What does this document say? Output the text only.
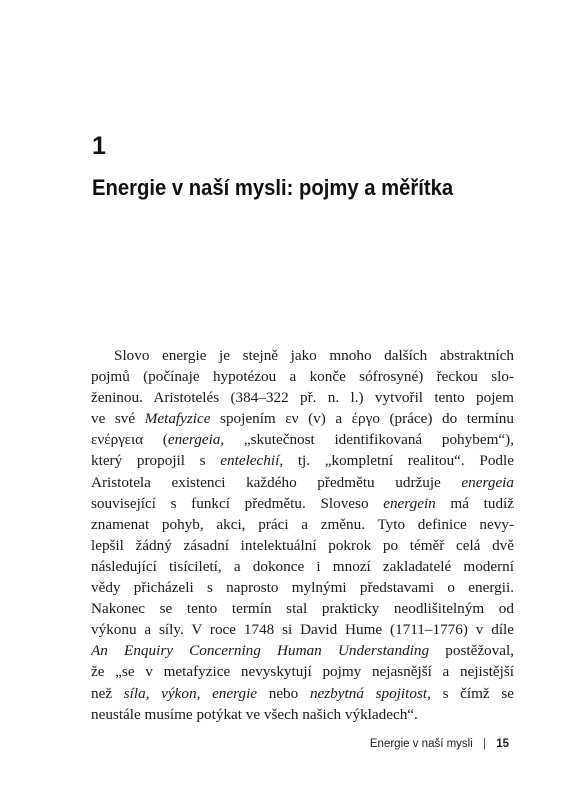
1
Energie v naší mysli: pojmy a měřítka
Slovo energie je stejně jako mnoho dalších abstraktních
pojmů (počínaje hypotézou a konče sófrosyné) řeckou slo-
ženinou. Aristotelés (384–322 př. n. l.) vytvořil tento pojem
ve své Metafyzice spojením εν (v) a έργο (práce) do termínu
ενέργεια (energeia, „skutečnost identifikovaná pohybem“),
který propojil s entelechií, tj. „kompletní realitou“. Podle
Aristotela existenci každého předmětu udržuje energeia
související s funkcí předmětu. Sloveso energein má tudíž
znamenat pohyb, akci, práci a změnu. Tyto definice nevy-
lepšil žádný zásadní intelektuální pokrok po téměř celá dvě
následující tisíciletí, a dokonce i mnozí zakladatelé moderní
vědy přicházeli s naprosto mylnými představami o energii.
Nakonec se tento termín stal prakticky neodlišitelným od
výkonu a síly. V roce 1748 si David Hume (1711–1776) v díle
An Enquiry Concerning Human Understanding postěžoval,
že „se v metafyzice nevyskytují pojmy nejasnější a nejistější
než síla, výkon, energie nebo nezbytná spojitost, s čímž se
neustále musíme potýkat ve všech našich výkladech“.
Energie v naší mysli | 15
